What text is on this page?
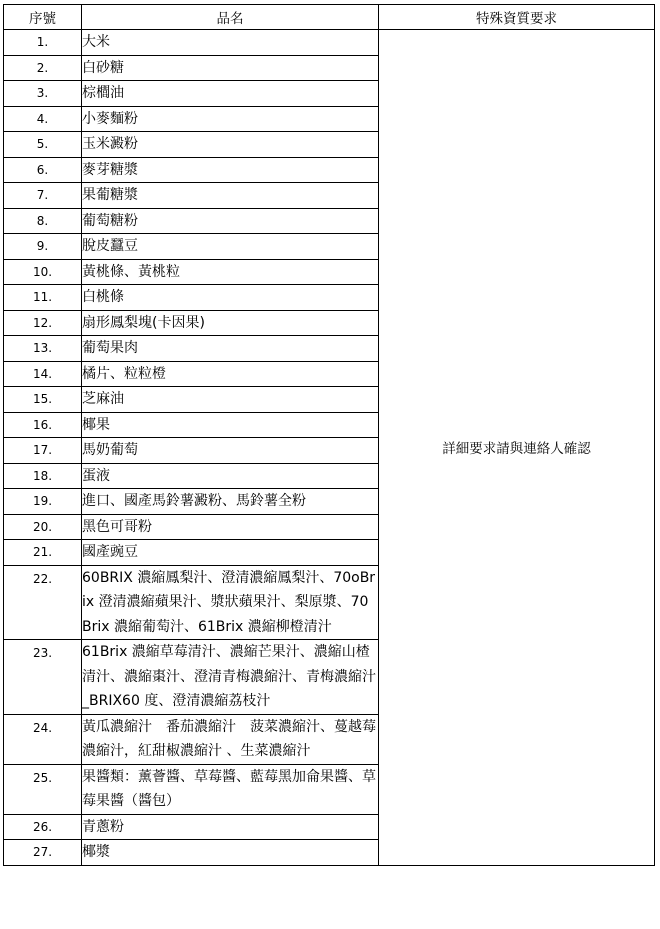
序號	品名	特殊資質要求
1.	大米	詳細要求請與連絡人確認
2.	白砂糖	
3.	棕櫚油	
4.	小麥麵粉	
5.	玉米澱粉	
6.	麥芽糖漿	
7.	果葡糖漿	
8.	葡萄糖粉	
9.	脫皮蠶豆	
10.	黃桃條、黃桃粒	
11.	白桃條	
12.	扇形鳳梨塊(卡因果)	
13.	葡萄果肉	
14.	橘片、粒粒橙	
15.	芝麻油	
16.	椰果	
17.	馬奶葡萄	
18.	蛋液	
19.	進口、國產馬鈴薯澱粉、馬鈴薯全粉	
20.	黑色可哥粉	
21.	國產豌豆	
22.	60BRIX 濃縮鳳梨汁、澄清濃縮鳳梨汁、70oBrix 澄清濃縮蘋果汁、漿狀蘋果汁、梨原漿、70Brix 濃縮葡萄汁、61Brix 濃縮柳橙清汁	
23.	61Brix 濃縮草莓清汁、濃縮芒果汁、濃縮山楂清汁、濃縮棗汁、澄清青梅濃縮汁、青梅濃縮汁_BRIX60 度、澄清濃縮荔枝汁	
24.	黃瓜濃縮汁　番茄濃縮汁　菠菜濃縮汁、蔓越莓濃縮汁，紅甜椒濃縮汁 、生菜濃縮汁	
25.	果醬類：薰薈醬、草莓醬、藍莓黑加侖果醬、草莓果醬（醬包）	
26.	青蔥粉	
27.	椰漿	
